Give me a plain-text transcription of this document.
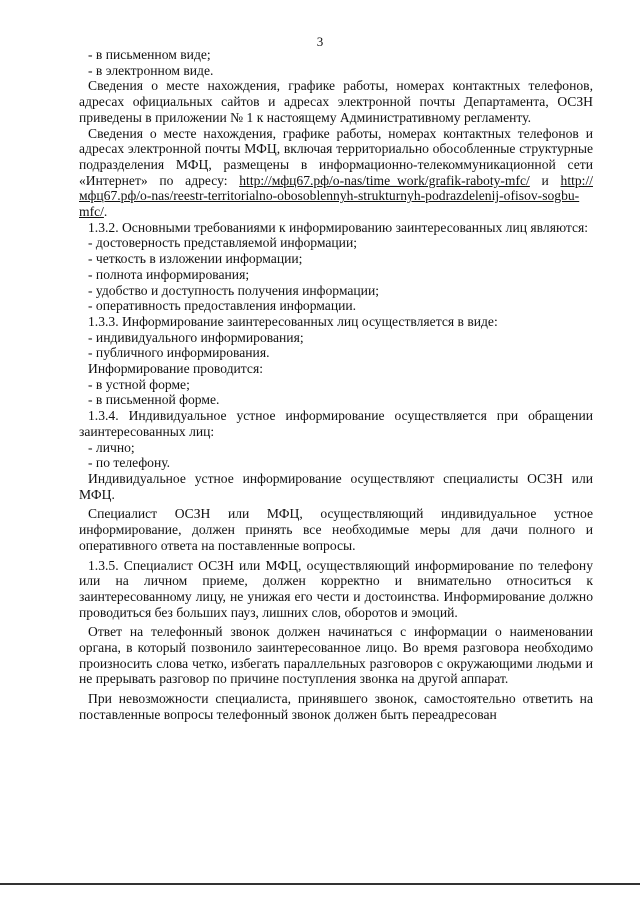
3
- в письменном виде;
- в электронном виде.

Сведения о месте нахождения, графике работы, номерах контактных телефонов, адресах официальных сайтов и адресах электронной почты Департамента, ОСЗН приведены в приложении № 1 к настоящему Административному регламенту.

Сведения о месте нахождения, графике работы, номерах контактных телефонов и адресах электронной почты МФЦ, включая территориально обособленные структурные подразделения МФЦ, размещены в информационно-телекоммуникационной сети «Интернет» по адресу: http://мфц67.рф/o-nas/time_work/grafik-raboty-mfc/ и http://мфц67.рф/o-nas/reestr-territorialno-obosoblennyh-strukturnyh-podrazdelenij-ofisov-sogbu-mfc/.

1.3.2. Основными требованиями к информированию заинтересованных лиц являются:

- достоверность представляемой информации;
- четкость в изложении информации;
- полнота информирования;
- удобство и доступность получения информации;
- оперативность предоставления информации.

1.3.3. Информирование заинтересованных лиц осуществляется в виде:

- индивидуального информирования;
- публичного информирования.

Информирование проводится:

- в устной форме;
- в письменной форме.

1.3.4. Индивидуальное устное информирование осуществляется при обращении заинтересованных лиц:

- лично;
- по телефону.

Индивидуальное устное информирование осуществляют специалисты ОСЗН или МФЦ.

Специалист ОСЗН или МФЦ, осуществляющий индивидуальное устное информирование, должен принять все необходимые меры для дачи полного и оперативного ответа на поставленные вопросы.

1.3.5. Специалист ОСЗН или МФЦ, осуществляющий информирование по телефону или на личном приеме, должен корректно и внимательно относиться к заинтересованному лицу, не унижая его чести и достоинства. Информирование должно проводиться без больших пауз, лишних слов, оборотов и эмоций.

Ответ на телефонный звонок должен начинаться с информации о наименовании органа, в который позвонило заинтересованное лицо. Во время разговора необходимо произносить слова четко, избегать параллельных разговоров с окружающими людьми и не прерывать разговор по причине поступления звонка на другой аппарат.

При невозможности специалиста, принявшего звонок, самостоятельно ответить на поставленные вопросы телефонный звонок должен быть переадресован
